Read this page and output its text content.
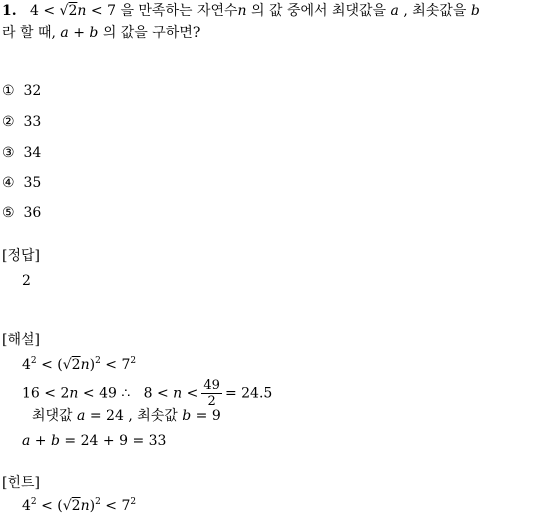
1. 4 < √2n < 7 을 만족하는 자연수n 의 값 중에서 최댓값을 a , 최솟값을 b
라 할 때, a + b 의 값을 구하면?
① 32
② 33
③ 34
④ 35
⑤ 36
[정답]
2
[해설]
$4^2 < (√2n)^2 < 7^2$
16 < 2n < 49 ∴   $8 < n < \frac{49}{2} = 24.5$
최댓값 a = 24 , 최솟값 b = 9
a + b = 24 + 9 = 33
[힌트]
$4^2 < (√2n)^2 < 7^2$
